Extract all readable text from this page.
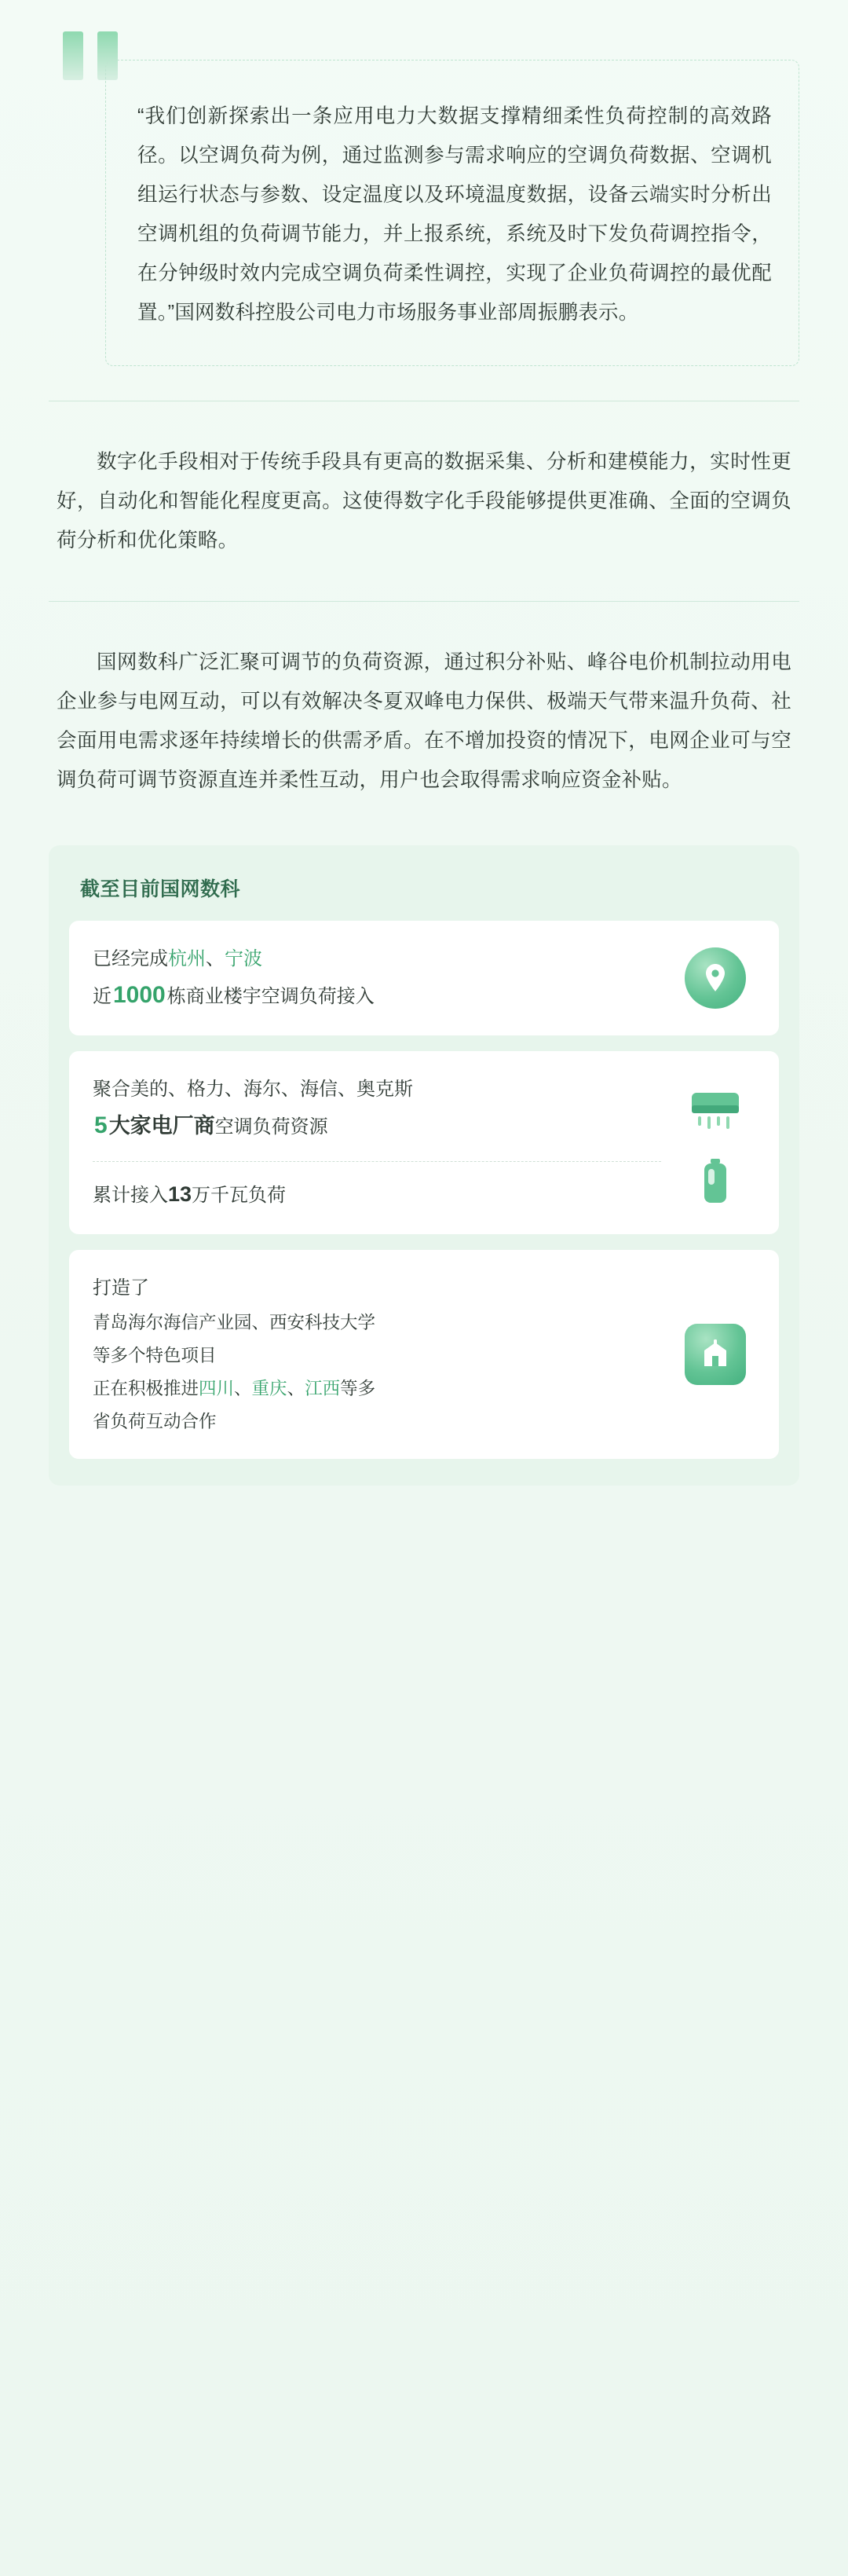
“我们创新探索出一条应用电力大数据支撑精细柔性负荷控制的高效路径。以空调负荷为例，通过监测参与需求响应的空调负荷数据、空调机组运行状态与参数、设定温度以及环境温度数据，设备云端实时分析出空调机组的负荷调节能力，并上报系统，系统及时下发负荷调控指令，在分钟级时效内完成空调负荷柔性调控，实现了企业负荷调控的最优配置。”国网数科控股公司电力市场服务事业部周振鹏表示。

数字化手段相对于传统手段具有更高的数据采集、分析和建模能力，实时性更好，自动化和智能化程度更高。这使得数字化手段能够提供更准确、全面的空调负荷分析和优化策略。

国网数科广泛汇聚可调节的负荷资源，通过积分补贴、峰谷电价机制拉动用电企业参与电网互动，可以有效解决冬夏双峰电力保供、极端天气带来温升负荷、社会面用电需求逐年持续增长的供需矛盾。在不增加投资的情况下，电网企业可与空调负荷可调节资源直连并柔性互动，用户也会取得需求响应资金补贴。

截至目前国网数科
已经完成杭州、宁波
近1000栋商业楼宇空调负荷接入
聚合美的、格力、海尔、海信、奥克斯
5大家电厂商空调负荷资源
累计接入13万千瓦负荷
打造了
青岛海尔海信产业园、西安科技大学
等多个特色项目
正在积极推进四川、重庆、江西等多
省负荷互动合作
